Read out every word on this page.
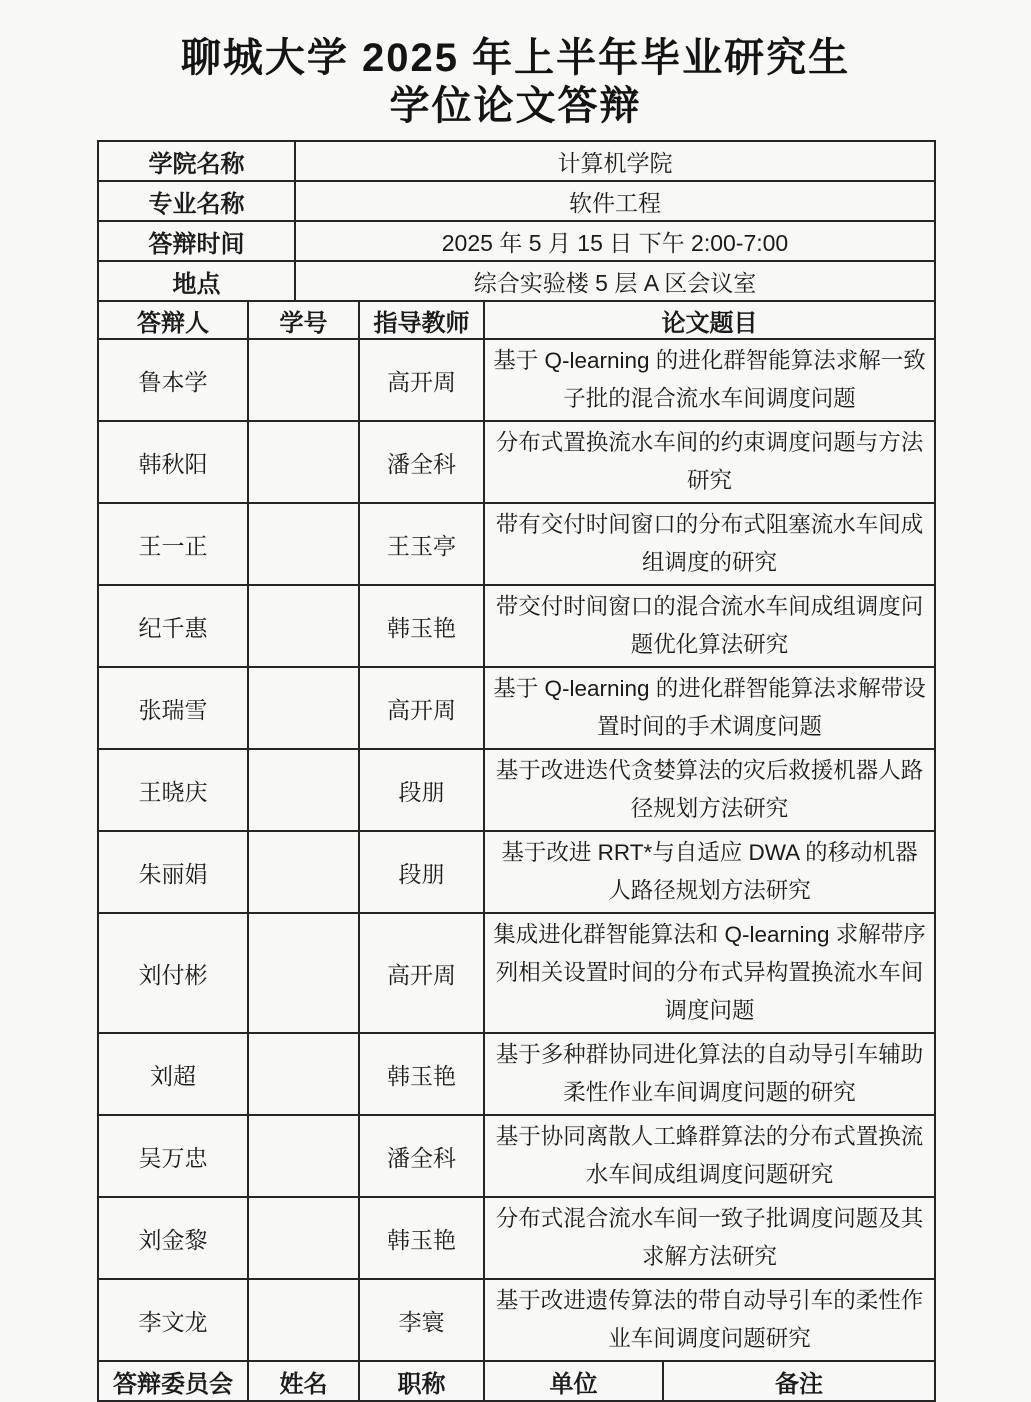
聊城大学 2025 年上半年毕业研究生
学位论文答辩
学院名称	计算机学院
专业名称	软件工程
答辩时间	2025 年 5 月 15 日 下午 2:00-7:00
地点	综合实验楼 5 层 A 区会议室
答辩人	学号	指导教师	论文题目
鲁本学		高开周	基于 Q-learning 的进化群智能算法求解一致子批的混合流水车间调度问题
韩秋阳		潘全科	分布式置换流水车间的约束调度问题与方法研究
王一正		王玉亭	带有交付时间窗口的分布式阻塞流水车间成组调度的研究
纪千惠		韩玉艳	带交付时间窗口的混合流水车间成组调度问题优化算法研究
张瑞雪		高开周	基于 Q-learning 的进化群智能算法求解带设置时间的手术调度问题
王晓庆		段朋	基于改进迭代贪婪算法的灾后救援机器人路径规划方法研究
朱丽娟		段朋	基于改进 RRT*与自适应 DWA 的移动机器人路径规划方法研究
刘付彬		高开周	集成进化群智能算法和 Q-learning 求解带序列相关设置时间的分布式异构置换流水车间调度问题
刘超		韩玉艳	基于多种群协同进化算法的自动导引车辅助柔性作业车间调度问题的研究
吴万忠		潘全科	基于协同离散人工蜂群算法的分布式置换流水车间成组调度问题研究
刘金黎		韩玉艳	分布式混合流水车间一致子批调度问题及其求解方法研究
李文龙		李寰	基于改进遗传算法的带自动导引车的柔性作业车间调度问题研究
答辩委员会	姓名	职称	单位	备注
